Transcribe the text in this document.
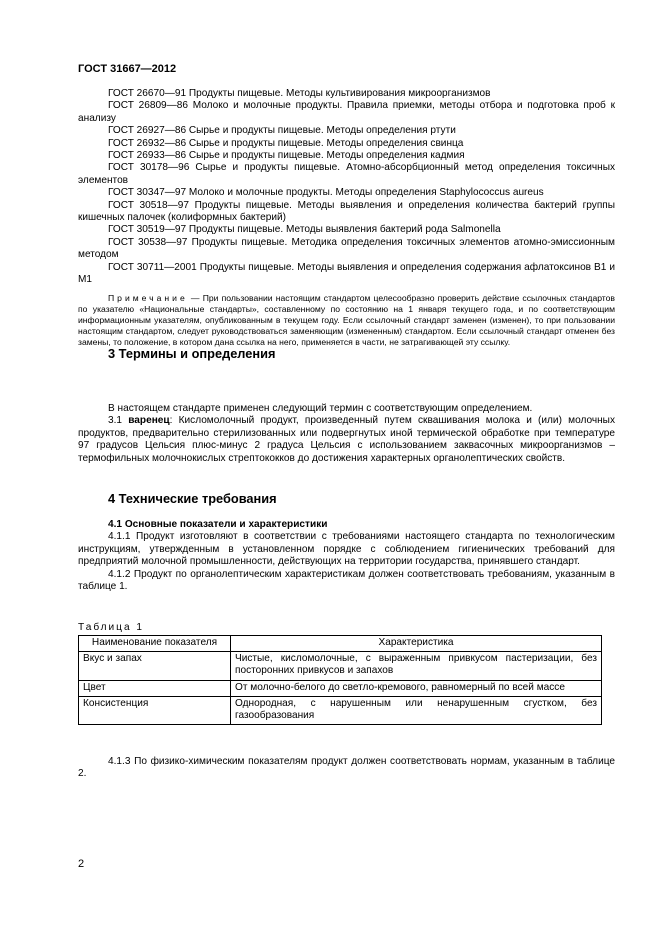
ГОСТ 31667—2012

ГОСТ 26670—91 Продукты пищевые. Методы культивирования микроорганизмов

ГОСТ 26809—86 Молоко и молочные продукты. Правила приемки, методы отбора и подготовка проб к анализу

ГОСТ 26927—86 Сырье и продукты пищевые. Методы определения ртути

ГОСТ 26932—86 Сырье и продукты пищевые. Методы определения свинца

ГОСТ 26933—86 Сырье и продукты пищевые. Методы определения кадмия

ГОСТ 30178—96 Сырье и продукты пищевые. Атомно-абсорбционный метод определения токсичных элементов

ГОСТ 30347—97 Молоко и молочные продукты. Методы определения Staphylococcus aureus

ГОСТ 30518—97 Продукты пищевые. Методы выявления и определения количества бактерий группы кишечных палочек (колиформных бактерий)

ГОСТ 30519—97 Продукты пищевые. Методы выявления бактерий рода Salmonella

ГОСТ 30538—97 Продукты пищевые. Методика определения токсичных элементов атомно-эмиссионным методом

ГОСТ 30711—2001 Продукты пищевые. Методы выявления и определения содержания афлатоксинов В1 и М1

Примечание — При пользовании настоящим стандартом целесообразно проверить действие ссылочных стандартов по указателю «Национальные стандарты», составленному по состоянию на 1 января текущего года, и по соответствующим информационным указателям, опубликованным в текущем году. Если ссылочный стандарт заменен (изменен), то при пользовании настоящим стандартом, следует руководствоваться заменяющим (измененным) стандартом. Если ссылочный стандарт отменен без замены, то положение, в котором дана ссылка на него, применяется в части, не затрагивающей эту ссылку.

3 Термины и определения

В настоящем стандарте применен следующий термин с соответствующим определением.

3.1 варенец: Кисломолочный продукт, произведенный путем сквашивания молока и (или) молочных продуктов, предварительно стерилизованных или подвергнутых иной термической обработке при температуре 97 градусов Цельсия плюс-минус 2 градуса Цельсия с использованием заквасочных микроорганизмов – термофильных молочнокислых стрептококков до достижения характерных органолептических свойств.

4 Технические требования

4.1 Основные показатели и характеристики

4.1.1 Продукт изготовляют в соответствии с требованиями настоящего стандарта по технологическим инструкциям, утвержденным в установленном порядке с соблюдением гигиенических требований для предприятий молочной промышленности, действующих на территории государства, принявшего стандарт.

4.1.2 Продукт по органолептическим характеристикам должен соответствовать требованиям, указанным в таблице 1.

Таблица 1
Наименование показателя	Характеристика
Вкус и запах	Чистые, кисломолочные, с выраженным привкусом пастеризации, без посторонних привкусов и запахов
Цвет	От молочно-белого до светло-кремового, равномерный по всей массе
Консистенция	Однородная, с нарушенным или ненарушенным сгустком, без газообразования

4.1.3 По физико-химическим показателям продукт должен соответствовать нормам, указанным в таблице 2.

2
